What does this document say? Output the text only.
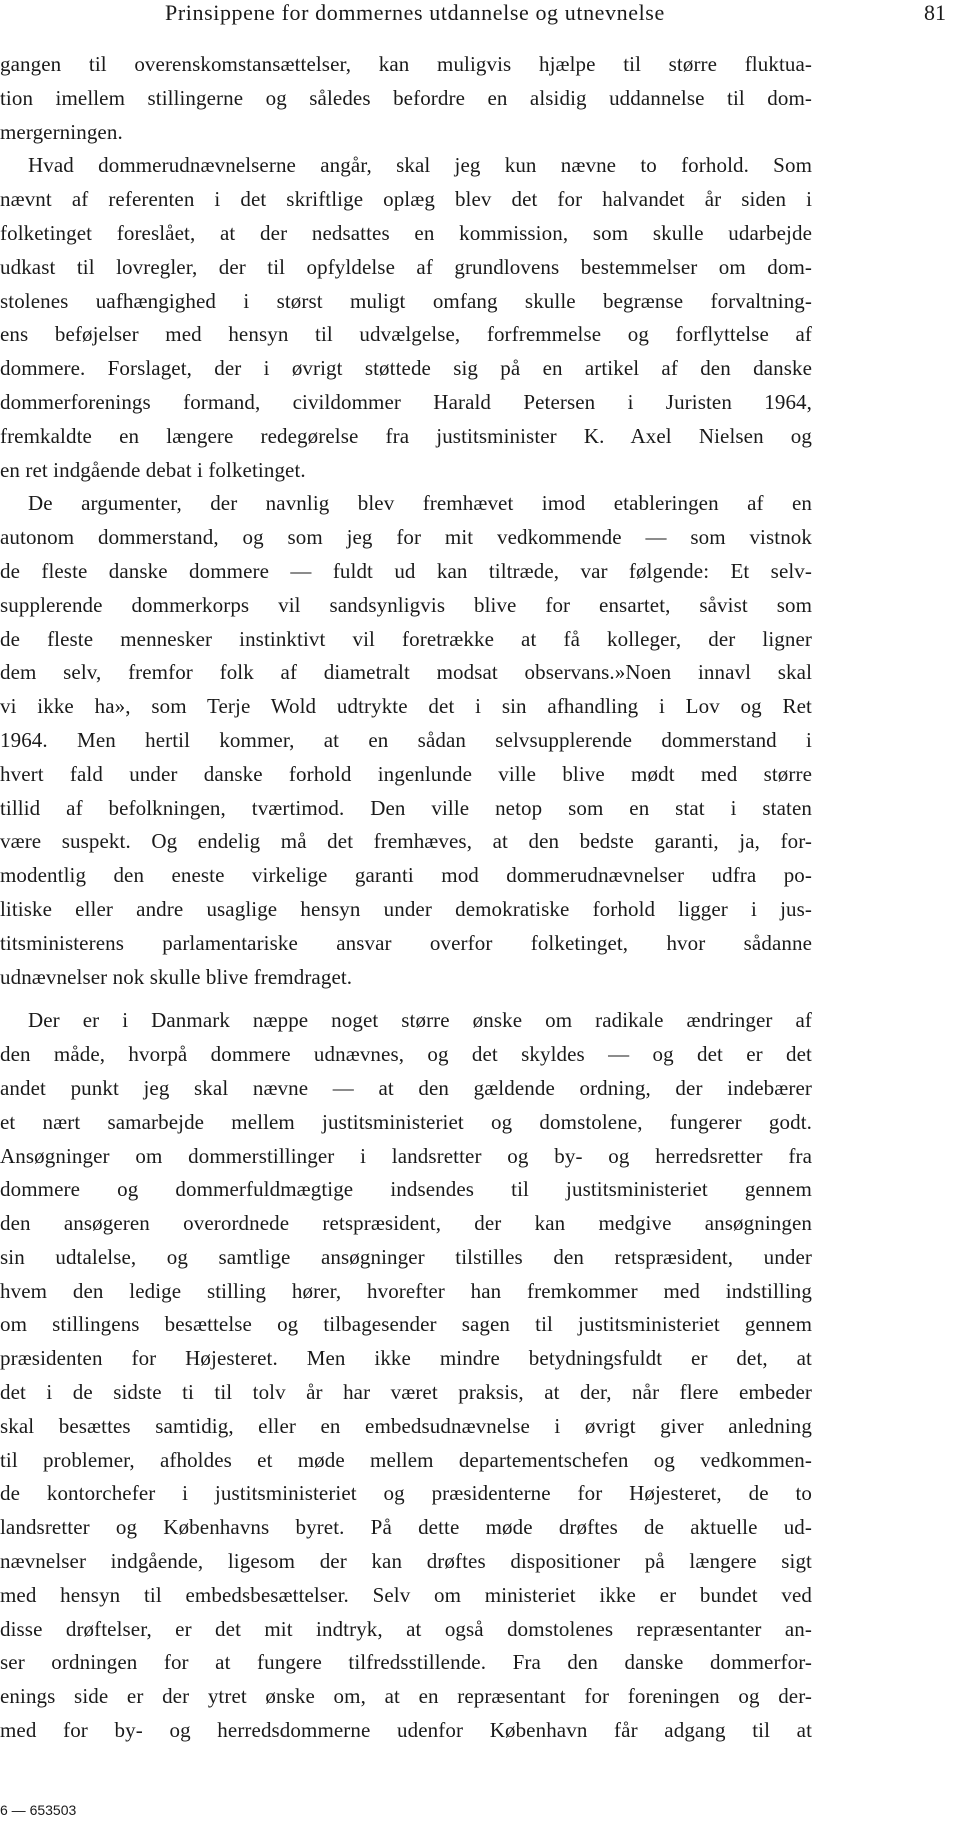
Prinsippene for dommernes utdannelse og utnevnelse	81
gangen til overenskomstansættelser, kan muligvis hjælpe til større fluktua-
tion imellem stillingerne og således befordre en alsidig uddannelse til dom-
mergerningen.
Hvad dommerudnævnelserne angår, skal jeg kun nævne to forhold. Som
nævnt af referenten i det skriftlige oplæg blev det for halvandet år siden i
folketinget foreslået, at der nedsattes en kommission, som skulle udarbejde
udkast til lovregler, der til opfyldelse af grundlovens bestemmelser om dom-
stolenes uafhængighed i størst muligt omfang skulle begrænse forvaltning-
ens beføjelser med hensyn til udvælgelse, forfremmelse og forflyttelse af
dommere. Forslaget, der i øvrigt støttede sig på en artikel af den danske
dommerforenings formand, civildommer Harald Petersen i Juristen 1964,
fremkaldte en længere redegørelse fra justitsminister K. Axel Nielsen og
en ret indgående debat i folketinget.
De argumenter, der navnlig blev fremhævet imod etableringen af en
autonom dommerstand, og som jeg for mit vedkommende — som vistnok
de fleste danske dommere — fuldt ud kan tiltræde, var følgende: Et selv-
supplerende dommerkorps vil sandsynligvis blive for ensartet, såvist som
de fleste mennesker instinktivt vil foretrække at få kolleger, der ligner
dem selv, fremfor folk af diametralt modsat observans.»Noen innavl skal
vi ikke ha», som Terje Wold udtrykte det i sin afhandling i Lov og Ret
1964. Men hertil kommer, at en sådan selvsupplerende dommerstand i
hvert fald under danske forhold ingenlunde ville blive mødt med større
tillid af befolkningen, tværtimod. Den ville netop som en stat i staten
være suspekt. Og endelig må det fremhæves, at den bedste garanti, ja, for-
modentlig den eneste virkelige garanti mod dommerudnævnelser udfra po-
litiske eller andre usaglige hensyn under demokratiske forhold ligger i jus-
titsministerens parlamentariske ansvar overfor folketinget, hvor sådanne
udnævnelser nok skulle blive fremdraget.
Der er i Danmark næppe noget større ønske om radikale ændringer af
den måde, hvorpå dommere udnævnes, og det skyldes — og det er det
andet punkt jeg skal nævne — at den gældende ordning, der indebærer
et nært samarbejde mellem justitsministeriet og domstolene, fungerer godt.
Ansøgninger om dommerstillinger i landsretter og by- og herredsretter fra
dommere og dommerfuldmægtige indsendes til justitsministeriet gennem
den ansøgeren overordnede retspræsident, der kan medgive ansøgningen
sin udtalelse, og samtlige ansøgninger tilstilles den retspræsident, under
hvem den ledige stilling hører, hvorefter han fremkommer med indstilling
om stillingens besættelse og tilbagesender sagen til justitsministeriet gennem
præsidenten for Højesteret. Men ikke mindre betydningsfuldt er det, at
det i de sidste ti til tolv år har været praksis, at der, når flere embeder
skal besættes samtidig, eller en embedsudnævnelse i øvrigt giver anledning
til problemer, afholdes et møde mellem departementschefen og vedkommen-
de kontorchefer i justitsministeriet og præsidenterne for Højesteret, de to
landsretter og Københavns byret. På dette møde drøftes de aktuelle ud-
nævnelser indgående, ligesom der kan drøftes dispositioner på længere sigt
med hensyn til embedsbesættelser. Selv om ministeriet ikke er bundet ved
disse drøftelser, er det mit indtryk, at også domstolenes repræsentanter an-
ser ordningen for at fungere tilfredsstillende. Fra den danske dommerfor-
enings side er der ytret ønske om, at en repræsentant for foreningen og der-
med for by- og herredsdommerne udenfor København får adgang til at
6 — 653503
